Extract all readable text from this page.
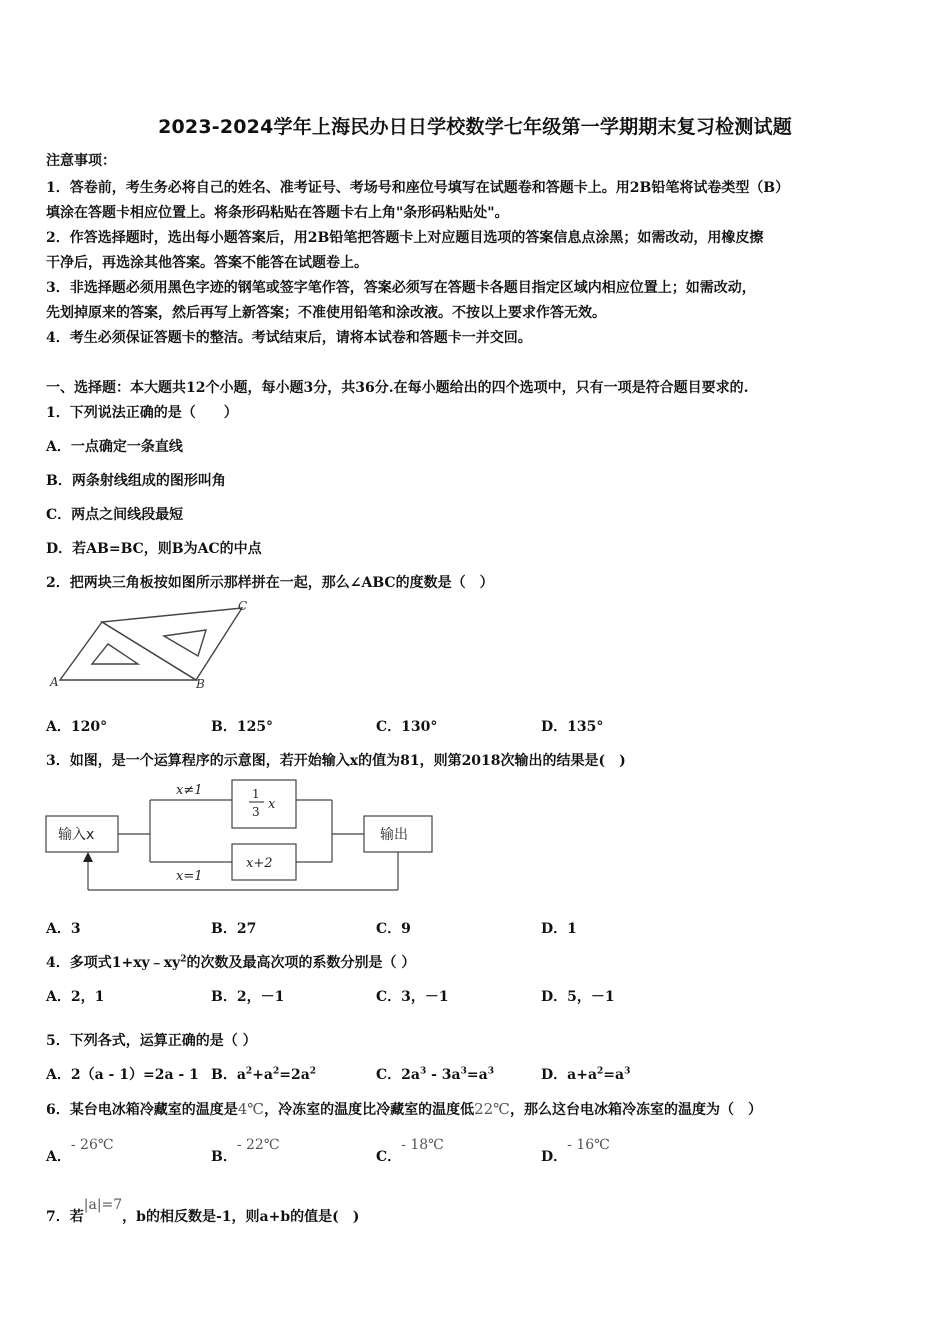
2023-2024学年上海民办日日学校数学七年级第一学期期末复习检测试题
注意事项：
1．答卷前，考生务必将自己的姓名、准考证号、考场号和座位号填写在试题卷和答题卡上。用2B铅笔将试卷类型（B）
填涂在答题卡相应位置上。将条形码粘贴在答题卡右上角"条形码粘贴处"。
2．作答选择题时，选出每小题答案后，用2B铅笔把答题卡上对应题目选项的答案信息点涂黑；如需改动，用橡皮擦
干净后，再选涂其他答案。答案不能答在试题卷上。
3．非选择题必须用黑色字迹的钢笔或签字笔作答，答案必须写在答题卡各题目指定区域内相应位置上；如需改动，
先划掉原来的答案，然后再写上新答案；不准使用铅笔和涂改液。不按以上要求作答无效。
4．考生必须保证答题卡的整洁。考试结束后，请将本试卷和答题卡一并交回。
一、选择题：本大题共12个小题，每小题3分，共36分.在每小题给出的四个选项中，只有一项是符合题目要求的.
1．下列说法正确的是（　　）
A．一点确定一条直线
B．两条射线组成的图形叫角
C．两点之间线段最短
D．若AB=BC，则B为AC的中点
2．把两块三角板按如图所示那样拼在一起，那么∠ABC的度数是（　）
A	B
C
A．120°	B．125°	C．130°	D．135°
3．如图，是一个运算程序的示意图，若开始输入x的值为81，则第2018次输出的结果是(　)
输入x	输出
x≠1
x=1
1
3 x
x+2
A．3	B．27	C．9	D．1
4．多项式$1+xy﹣xy^2$的次数及最高次项的系数分别是（ ）
A．2，1	B．2，－1	C．3，－1	D．5，－1
5．下列各式，运算正确的是（ ）
A．2（a - 1）=2a - 1 B．$a^2+a^2=2a^2$	C．$2a^3 - 3a^3=a^3$	D．$a+a^2=a^3$
6．某台电冰箱冷藏室的温度是4℃，冷冻室的温度比冷藏室的温度低22℃，那么这台电冰箱冷冻室的温度为（　）
A．- 26℃
B．- 22℃
C．- 18℃
D．- 16℃
7．若|a|=7，b的相反数是-1，则a+b的值是(　)
